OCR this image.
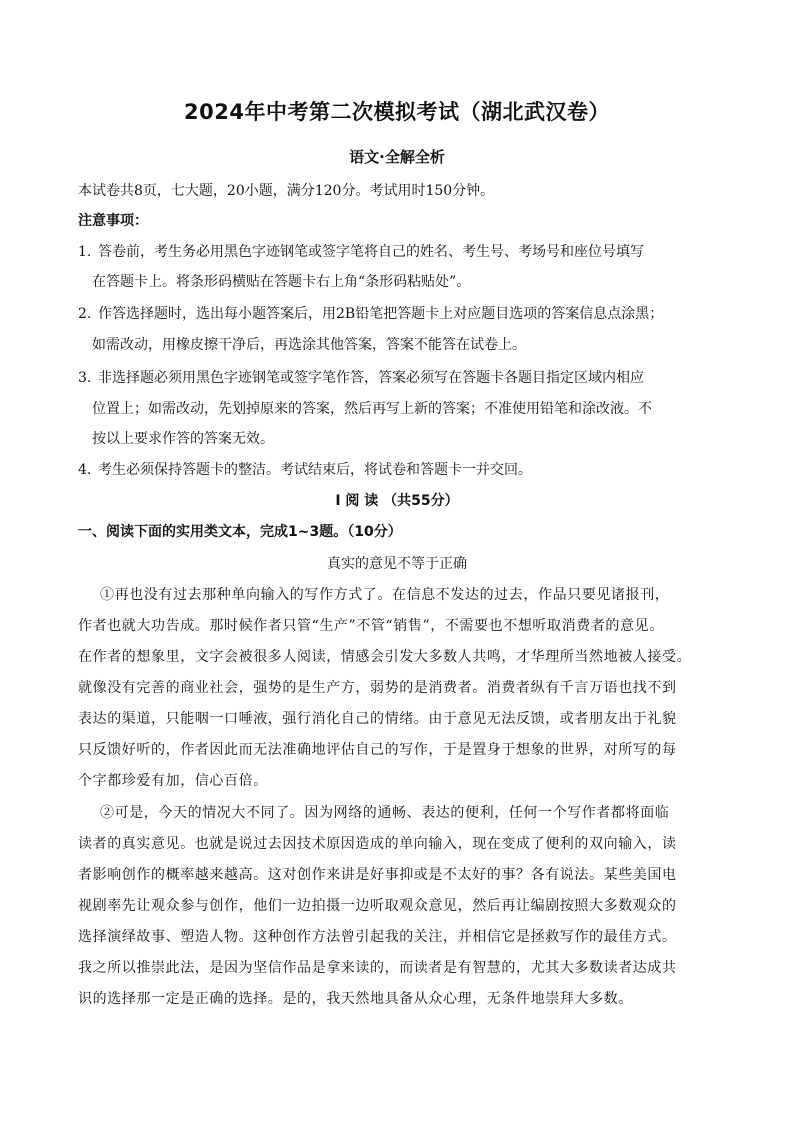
2024年中考第二次模拟考试（湖北武汉卷）
语文·全解全析
本试卷共8页，七大题，20小题，满分120分。考试用时150分钟。
注意事项：
1. 答卷前，考生务必用黑色字迹钢笔或签字笔将自己的姓名、考生号、考场号和座位号填写
在答题卡上。将条形码横贴在答题卡右上角“条形码粘贴处”。
2. 作答选择题时，选出每小题答案后，用2B铅笔把答题卡上对应题目选项的答案信息点涂黑；
如需改动，用橡皮擦干净后，再选涂其他答案，答案不能答在试卷上。
3. 非选择题必须用黑色字迹钢笔或签字笔作答，答案必须写在答题卡各题目指定区域内相应
位置上；如需改动，先划掉原来的答案，然后再写上新的答案；不准使用铅笔和涂改液。不
按以上要求作答的答案无效。
4. 考生必须保持答题卡的整洁。考试结束后，将试卷和答题卡一并交回。
I 阅 读 （共55分）
一、阅读下面的实用类文本，完成1~3题。（10分）
真实的意见不等于正确
①再也没有过去那种单向输入的写作方式了。在信息不发达的过去，作品只要见诸报刊，
作者也就大功告成。那时候作者只管“生产”不管“销售”，不需要也不想听取消费者的意见。
在作者的想象里，文字会被很多人阅读，情感会引发大多数人共鸣，才华理所当然地被人接受。
就像没有完善的商业社会，强势的是生产方，弱势的是消费者。消费者纵有千言万语也找不到
表达的渠道，只能咽一口唾液，强行消化自己的情绪。由于意见无法反馈，或者朋友出于礼貌
只反馈好听的，作者因此而无法准确地评估自己的写作，于是置身于想象的世界，对所写的每
个字都珍爱有加，信心百倍。
②可是，今天的情况大不同了。因为网络的通畅、表达的便利，任何一个写作者都将面临
读者的真实意见。也就是说过去因技术原因造成的单向输入，现在变成了便利的双向输入，读
者影响创作的概率越来越高。这对创作来讲是好事抑或是不太好的事？各有说法。某些美国电
视剧率先让观众参与创作，他们一边拍摄一边听取观众意见，然后再让编剧按照大多数观众的
选择演绎故事、塑造人物。这种创作方法曾引起我的关注，并相信它是拯救写作的最佳方式。
我之所以推崇此法，是因为坚信作品是拿来读的，而读者是有智慧的，尤其大多数读者达成共
识的选择那一定是正确的选择。是的，我天然地具备从众心理，无条件地崇拜大多数。
